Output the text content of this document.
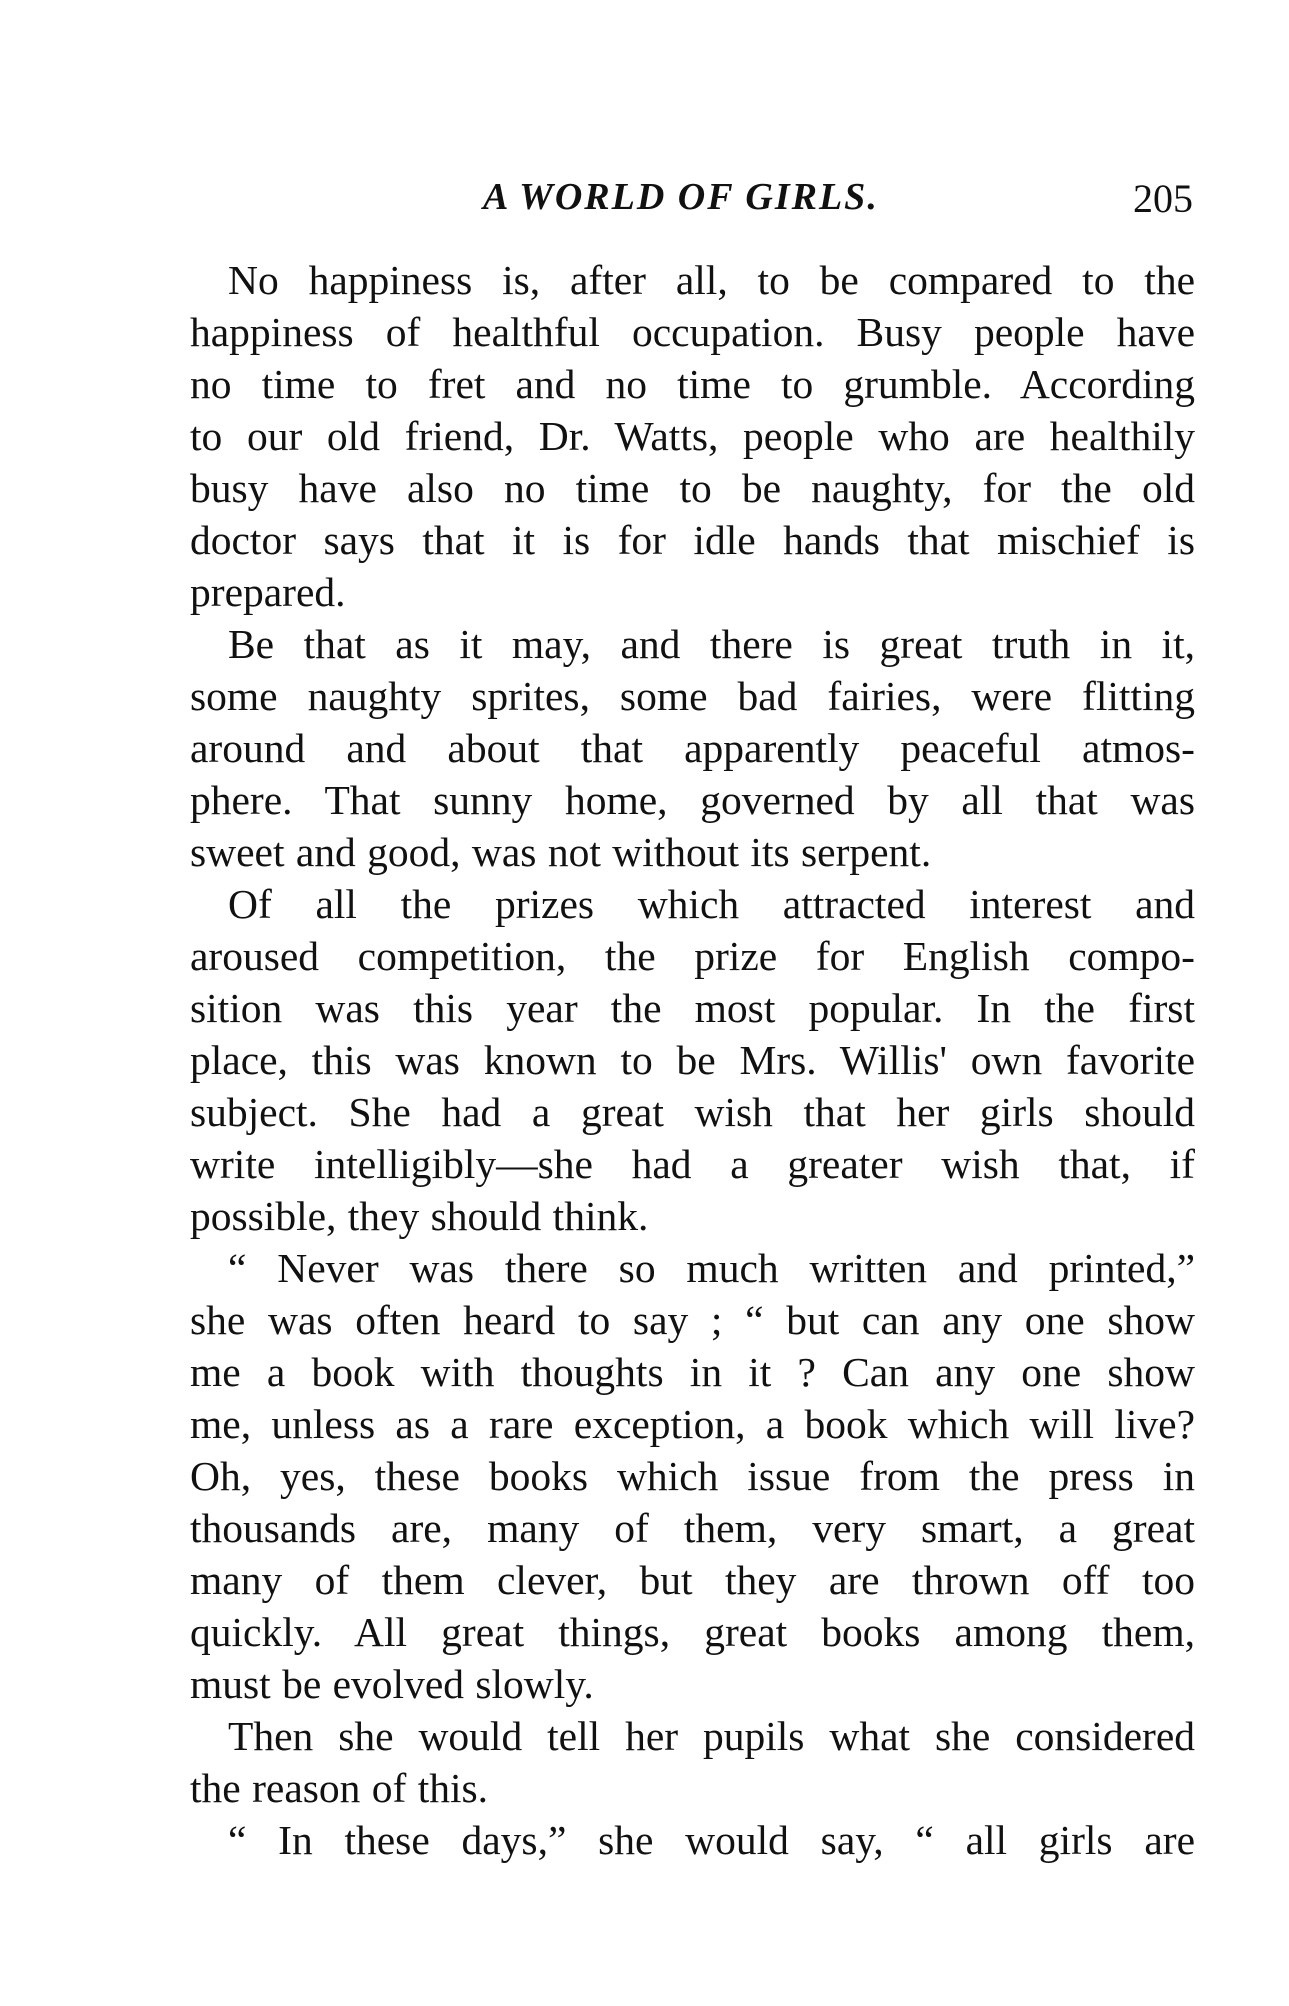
A WORLD OF GIRLS.	205
No happiness is, after all, to be compared to the
happiness of healthful occupation. Busy people have
no time to fret and no time to grumble. According
to our old friend, Dr. Watts, people who are healthily
busy have also no time to be naughty, for the old
doctor says that it is for idle hands that mischief is
prepared.
Be that as it may, and there is great truth in it,
some naughty sprites, some bad fairies, were flitting
around and about that apparently peaceful atmos-
phere. That sunny home, governed by all that was
sweet and good, was not without its serpent.
Of all the prizes which attracted interest and
aroused competition, the prize for English compo-
sition was this year the most popular. In the first
place, this was known to be Mrs. Willis' own favorite
subject. She had a great wish that her girls should
write intelligibly—she had a greater wish that, if
possible, they should think.
“ Never was there so much written and printed,”
she was often heard to say ; “ but can any one show
me a book with thoughts in it ? Can any one show
me, unless as a rare exception, a book which will live?
Oh, yes, these books which issue from the press in
thousands are, many of them, very smart, a great
many of them clever, but they are thrown off too
quickly. All great things, great books among them,
must be evolved slowly.
Then she would tell her pupils what she considered
the reason of this.
“ In these days,” she would say, “ all girls are
